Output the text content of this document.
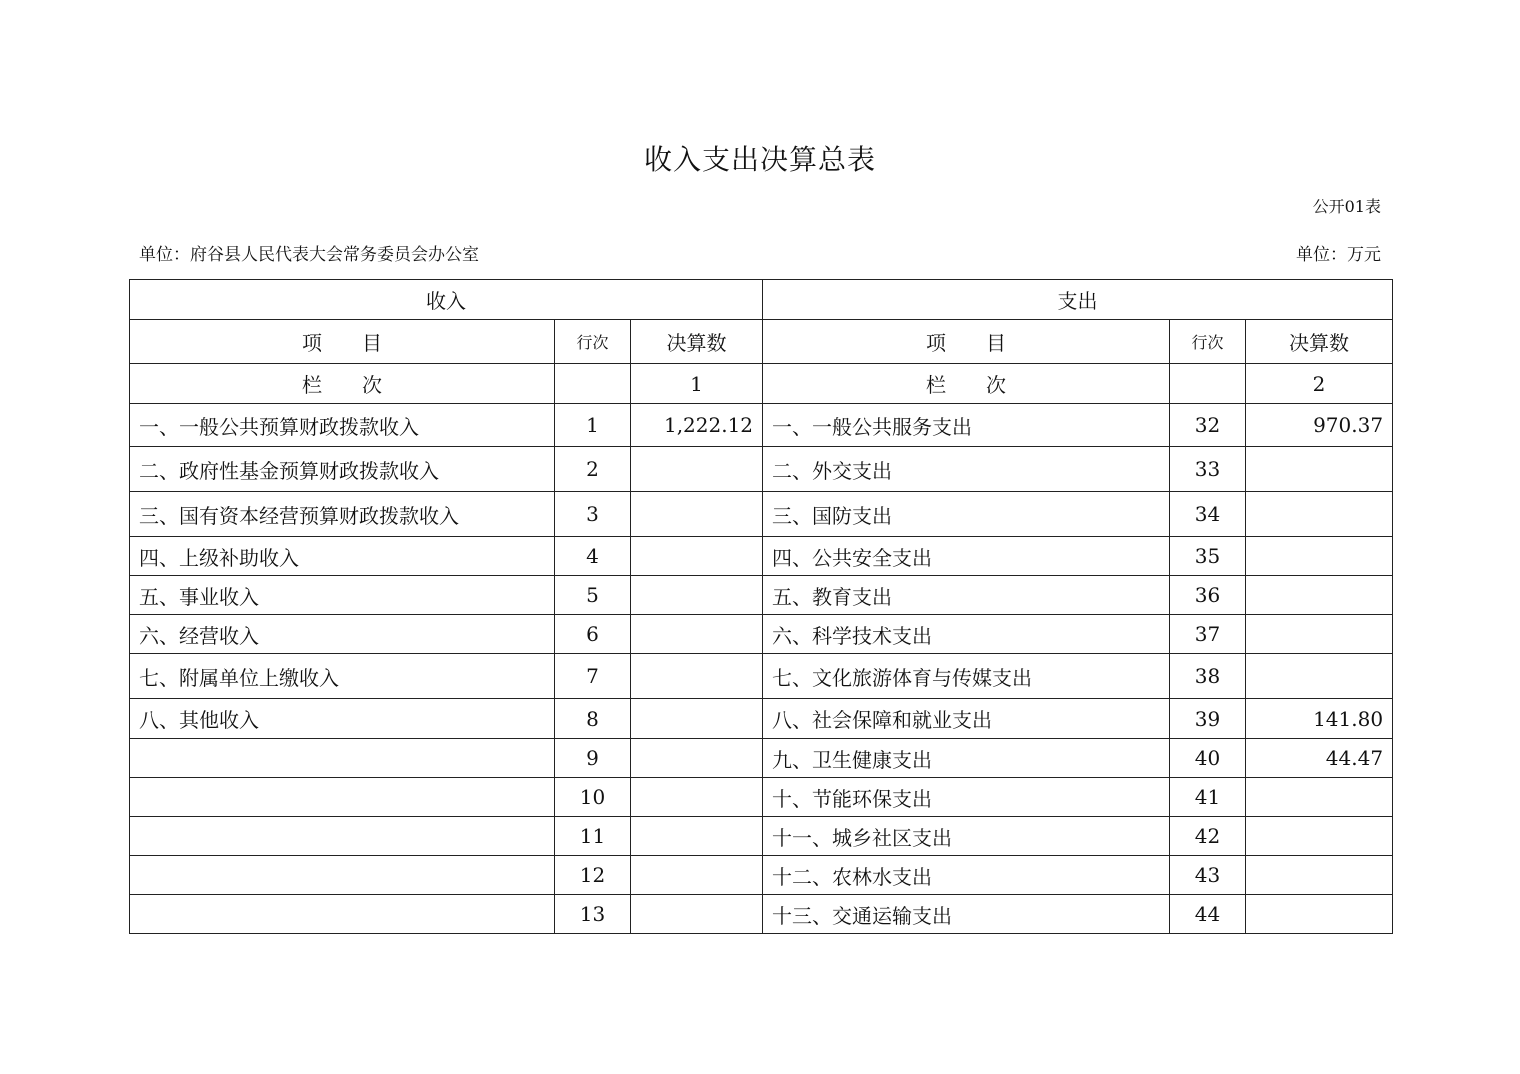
收入支出决算总表
公开01表
单位：府谷县人民代表大会常务委员会办公室	单位：万元
收入			支出		
项　　目	行次	决算数	项　　目	行次	决算数
栏　　次		1	栏　　次		2
一、一般公共预算财政拨款收入	1	1,222.12	一、一般公共服务支出	32	970.37
二、政府性基金预算财政拨款收入	2		二、外交支出	33	
三、国有资本经营预算财政拨款收入	3		三、国防支出	34	
四、上级补助收入	4		四、公共安全支出	35	
五、事业收入	5		五、教育支出	36	
六、经营收入	6		六、科学技术支出	37	
七、附属单位上缴收入	7		七、文化旅游体育与传媒支出	38	
八、其他收入	8		八、社会保障和就业支出	39	141.80
	9		九、卫生健康支出	40	44.47
	10		十、节能环保支出	41	
	11		十一、城乡社区支出	42	
	12		十二、农林水支出	43	
	13		十三、交通运输支出	44	
